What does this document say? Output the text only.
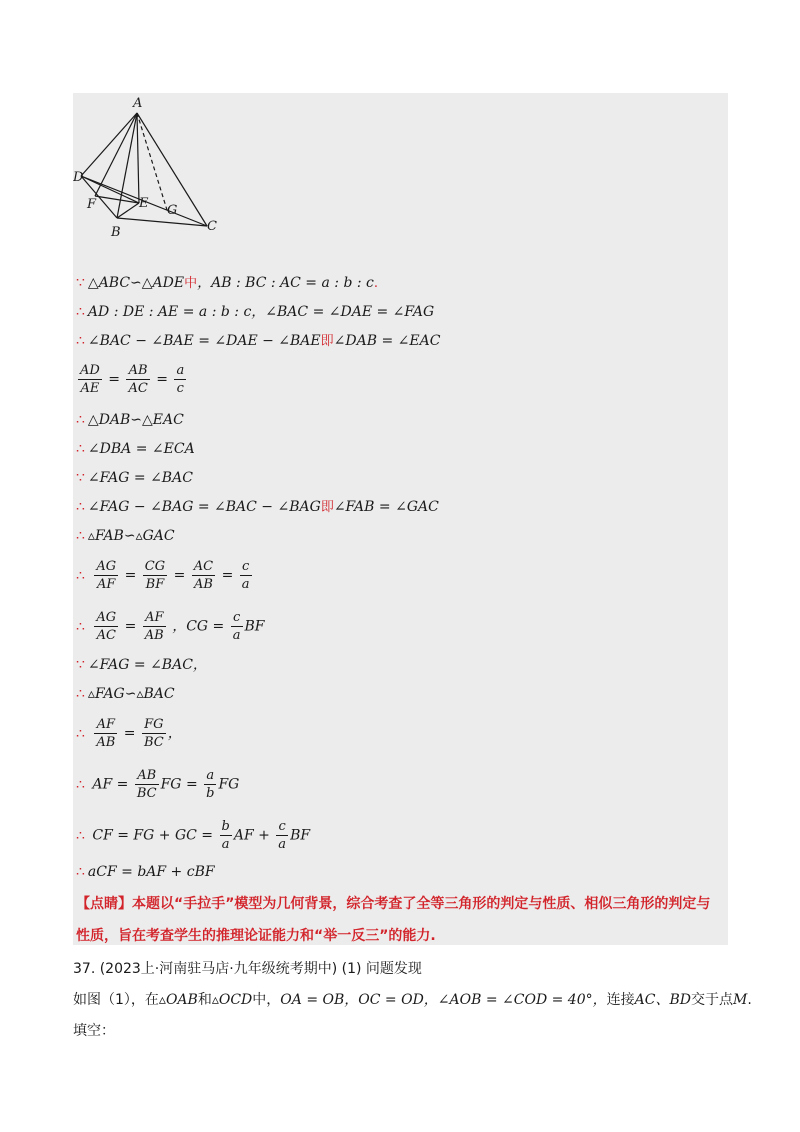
A
D
F	E G
B	C
∵ △ABC∽△ADE中，AB : BC : AC = a : b : c.
∴ AD : DE : AE = a : b : c，∠BAC = ∠DAE = ∠FAG
∴ ∠BAC − ∠BAE = ∠DAE − ∠BAE即∠DAB = ∠EAC
$\frac{AD}{AE} = \frac{AB}{AC} = \frac{a}{c}$
∴ △DAB∽△EAC
∴ ∠DBA = ∠ECA
∵ ∠FAG = ∠BAC
∴ ∠FAG − ∠BAG = ∠BAC − ∠BAG即∠FAB = ∠GAC
∴ ▵FAB∽▵GAC
∴ $\frac{AG}{AF} = \frac{CG}{BF} = \frac{AC}{AB} = \frac{c}{a}$
∴ $\frac{AG}{AC} = \frac{AF}{AB}$ ，CG = $\frac{c}{a}$ BF
∵ ∠FAG = ∠BAC，
∴ ▵FAG∽▵BAC
∴ $\frac{AF}{AB} = \frac{FG}{BC}$ ，
∴ AF = $\frac{AB}{BC}$ FG = $\frac{a}{b}$ FG
∴ CF = FG + GC = $\frac{b}{a}$ AF + $\frac{c}{a}$ BF
∴ aCF = bAF + cBF
【点睛】本题以“手拉手”模型为几何背景，综合考查了全等三角形的判定与性质、相似三角形的判定与性质，旨在考查学生的推理论证能力和“举一反三”的能力.
37. (2023上·河南驻马店·九年级统考期中) (1) 问题发现
如图（1），在▵OAB和▵OCD中，OA = OB，OC = OD，∠AOB = ∠COD = 40°，连接AC、BD交于点M.
填空：
